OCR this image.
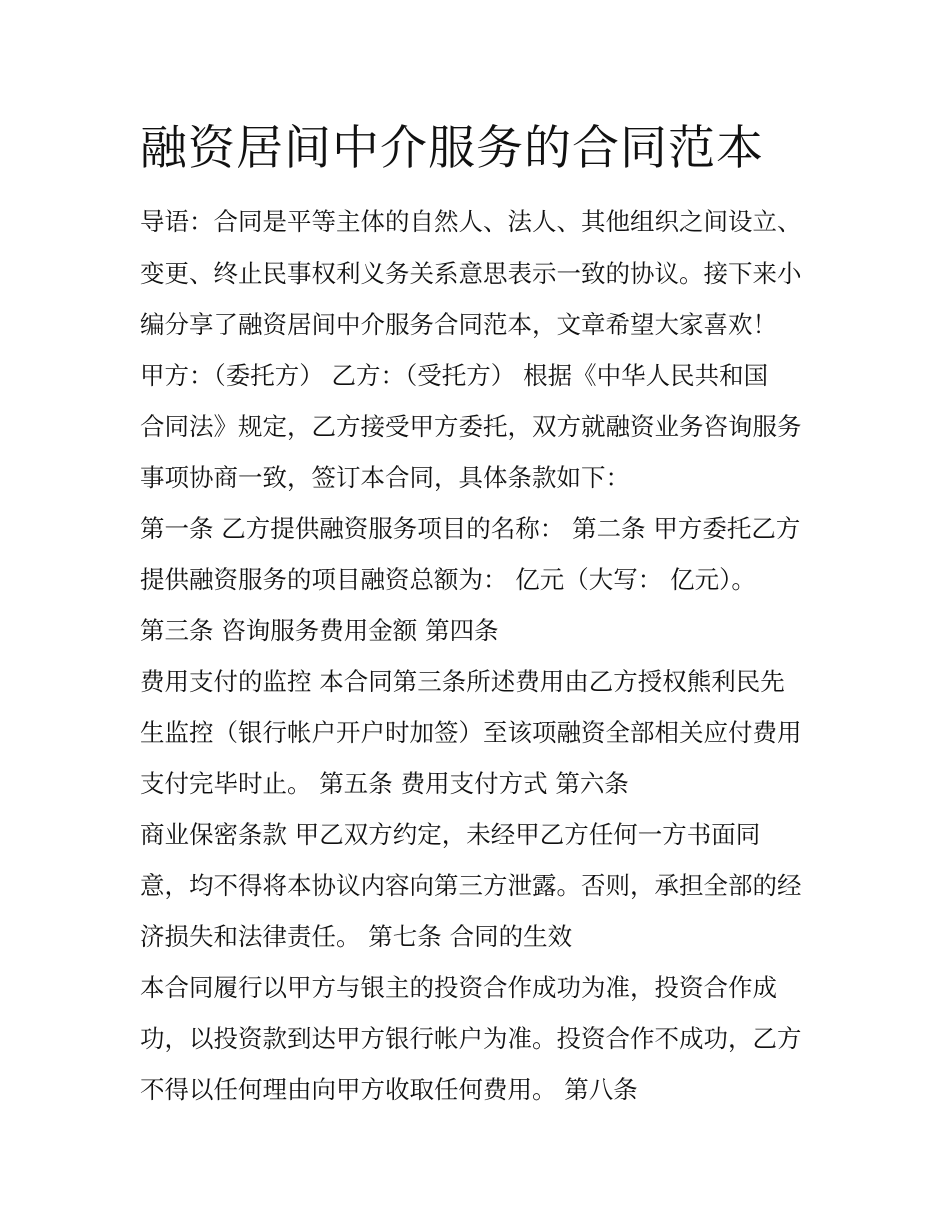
融资居间中介服务的合同范本

导语：合同是平等主体的自然人、法人、其他组织之间设立、

变更、终止民事权利义务关系意思表示一致的协议。接下来小

编分享了融资居间中介服务合同范本，文章希望大家喜欢！

甲方：（委托方） 乙方：（受托方） 根据《中华人民共和国

合同法》规定，乙方接受甲方委托，双方就融资业务咨询服务

事项协商一致，签订本合同，具体条款如下：

第一条 乙方提供融资服务项目的名称： 第二条 甲方委托乙方

提供融资服务的项目融资总额为： 亿元（大写： 亿元）。

第三条 咨询服务费用金额 第四条

费用支付的监控 本合同第三条所述费用由乙方授权熊利民先

生监控（银行帐户开户时加签）至该项融资全部相关应付费用

支付完毕时止。 第五条 费用支付方式 第六条

商业保密条款 甲乙双方约定，未经甲乙方任何一方书面同

意，均不得将本协议内容向第三方泄露。否则，承担全部的经

济损失和法律责任。 第七条 合同的生效

本合同履行以甲方与银主的投资合作成功为准，投资合作成

功，以投资款到达甲方银行帐户为准。投资合作不成功，乙方

不得以任何理由向甲方收取任何费用。 第八条
